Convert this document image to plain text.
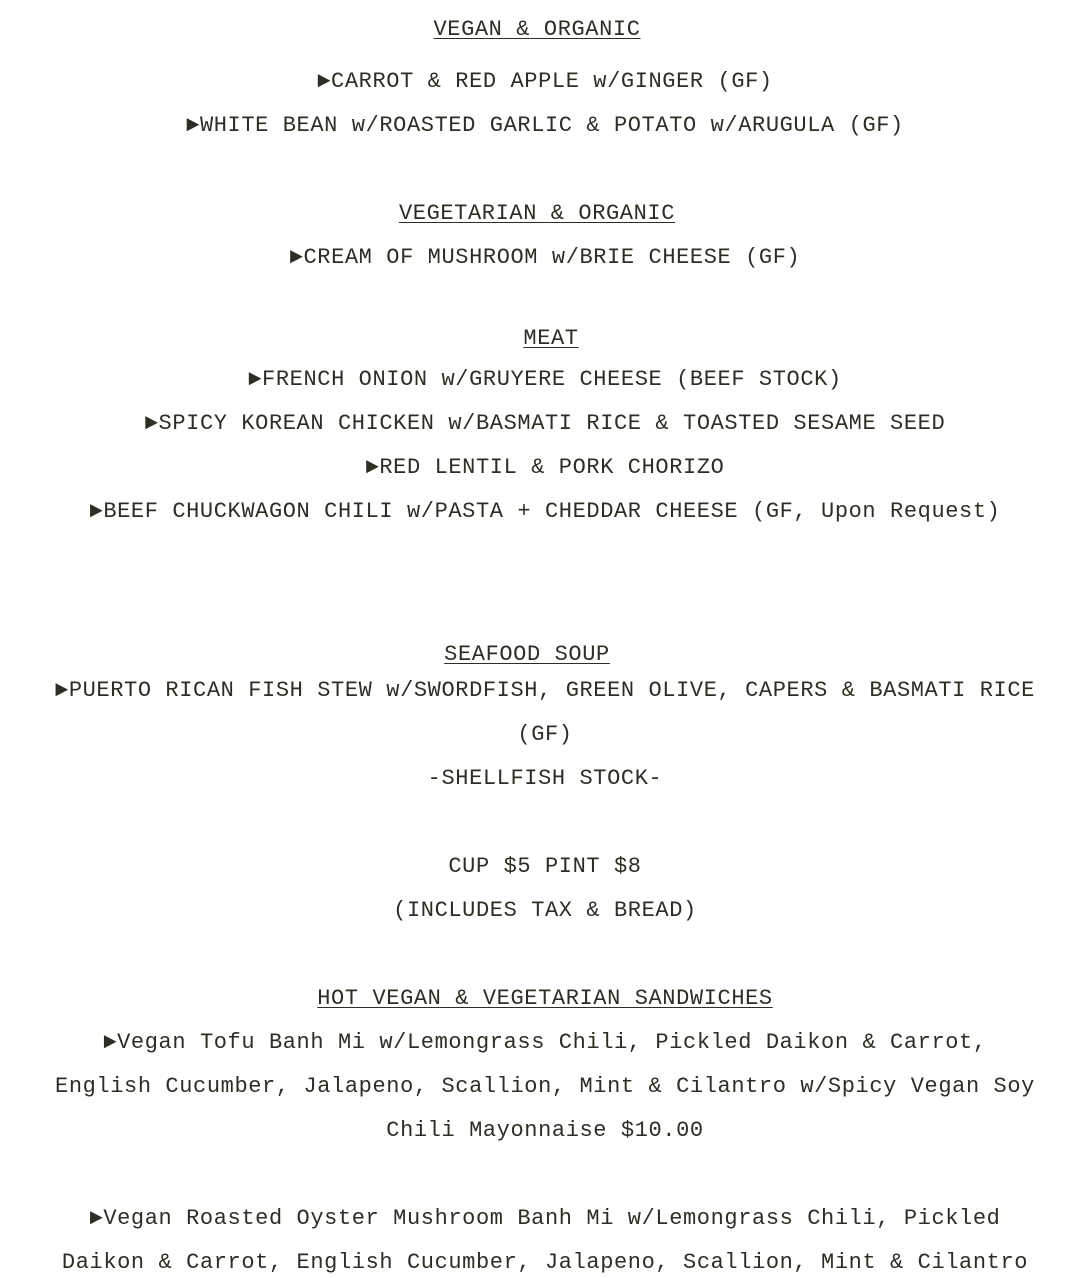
VEGAN & ORGANIC
►CARROT & RED APPLE w/GINGER (GF)
►WHITE BEAN w/ROASTED GARLIC & POTATO w/ARUGULA (GF)
VEGETARIAN & ORGANIC
►CREAM OF MUSHROOM w/BRIE CHEESE (GF)
MEAT
►FRENCH ONION w/GRUYERE CHEESE (BEEF STOCK)
►SPICY KOREAN CHICKEN w/BASMATI RICE & TOASTED SESAME SEED
►RED LENTIL & PORK CHORIZO
►BEEF CHUCKWAGON CHILI w/PASTA + CHEDDAR CHEESE (GF, Upon Request)
SEAFOOD SOUP
►PUERTO RICAN FISH STEW w/SWORDFISH, GREEN OLIVE, CAPERS & BASMATI RICE
(GF)
-SHELLFISH STOCK-
CUP $5 PINT $8
(INCLUDES TAX & BREAD)
HOT VEGAN & VEGETARIAN SANDWICHES
►Vegan Tofu Banh Mi w/Lemongrass Chili, Pickled Daikon & Carrot,
English Cucumber, Jalapeno, Scallion, Mint & Cilantro w/Spicy Vegan Soy
Chili Mayonnaise $10.00
►Vegan Roasted Oyster Mushroom Banh Mi w/Lemongrass Chili, Pickled
Daikon & Carrot, English Cucumber, Jalapeno, Scallion, Mint & Cilantro
